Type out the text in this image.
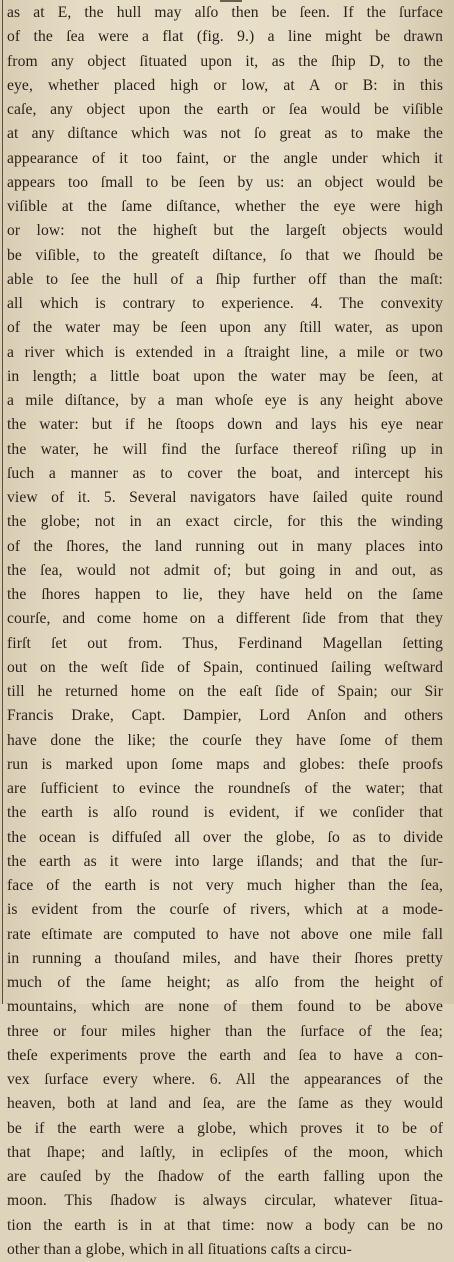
as at E, the hull may alſo then be ſeen. If the ſurface
of the ſea were a flat (fig. 9.) a line might be drawn
from any object ſituated upon it, as the ſhip D, to the
eye, whether placed high or low, at A or B: in this
caſe, any object upon the earth or ſea would be viſible
at any diſtance which was not ſo great as to make the
appearance of it too faint, or the angle under which it
appears too ſmall to be ſeen by us: an object would be
viſible at the ſame diſtance, whether the eye were high
or low: not the higheſt but the largeſt objects would
be viſible, to the greateſt diſtance, ſo that we ſhould be
able to ſee the hull of a ſhip further off than the maſt:
all which is contrary to experience. 4. The convexity
of the water may be ſeen upon any ſtill water, as upon
a river which is extended in a ſtraight line, a mile or two
in length; a little boat upon the water may be ſeen, at
a mile diſtance, by a man whoſe eye is any height above
the water: but if he ſtoops down and lays his eye near
the water, he will find the ſurface thereof riſing up in
ſuch a manner as to cover the boat, and intercept his
view of it. 5. Several navigators have ſailed quite round
the globe; not in an exact circle, for this the winding
of the ſhores, the land running out in many places into
the ſea, would not admit of; but going in and out, as
the ſhores happen to lie, they have held on the ſame
courſe, and come home on a different ſide from that they
firſt ſet out from. Thus, Ferdinand Magellan ſetting
out on the weſt ſide of Spain, continued ſailing weſtward
till he returned home on the eaſt ſide of Spain; our Sir
Francis Drake, Capt. Dampier, Lord Anſon and others
have done the like; the courſe they have ſome of them
run is marked upon ſome maps and globes: theſe proofs
are ſufficient to evince the roundneſs of the water; that
the earth is alſo round is evident, if we conſider that
the ocean is diffuſed all over the globe, ſo as to divide
the earth as it were into large iſlands; and that the ſur-
face of the earth is not very much higher than the ſea,
is evident from the courſe of rivers, which at a mode-
rate eſtimate are computed to have not above one mile fall
in running a thouſand miles, and have their ſhores pretty
much of the ſame height; as alſo from the height of
mountains, which are none of them found to be above
three or four miles higher than the ſurface of the ſea;
theſe experiments prove the earth and ſea to have a con-
vex ſurface every where. 6. All the appearances of the
heaven, both at land and ſea, are the ſame as they would
be if the earth were a globe, which proves it to be of
that ſhape; and laſtly, in eclipſes of the moon, which
are cauſed by the ſhadow of the earth falling upon the
moon. This ſhadow is always circular, whatever ſitua-
tion the earth is in at that time: now a body can be no
other than a globe, which in all ſituations caſts a circu-
